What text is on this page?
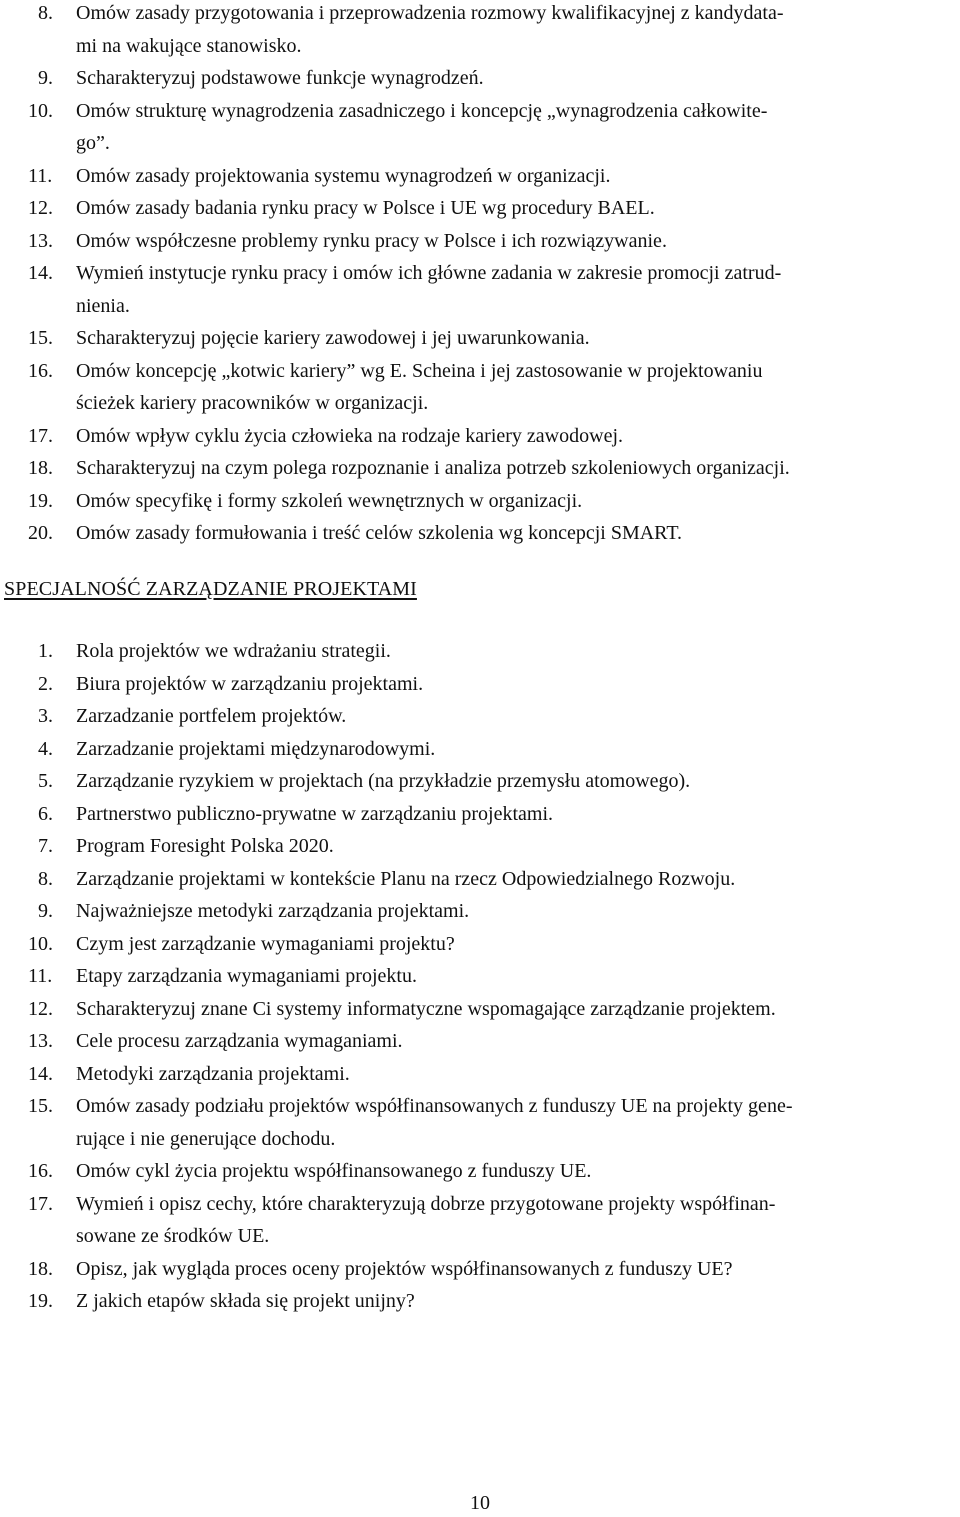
8. Omów zasady przygotowania i przeprowadzenia rozmowy kwalifikacyjnej z kandydata-
mi na wakujące stanowisko.
9. Scharakteryzuj podstawowe funkcje wynagrodzeń.
10. Omów strukturę wynagrodzenia zasadniczego i koncepcję „wynagrodzenia całkowite-
go”.
11. Omów zasady projektowania systemu wynagrodzeń w organizacji.
12. Omów zasady badania rynku pracy w Polsce i UE wg procedury BAEL.
13. Omów współczesne problemy rynku pracy w Polsce i ich rozwiązywanie.
14. Wymień instytucje rynku pracy i omów ich główne zadania w zakresie promocji zatrud-
nienia.
15. Scharakteryzuj pojęcie kariery zawodowej i jej uwarunkowania.
16. Omów koncepcję „kotwic kariery” wg E. Scheina i jej zastosowanie w projektowaniu
ścieżek kariery pracowników w organizacji.
17. Omów wpływ cyklu życia człowieka na rodzaje kariery zawodowej.
18. Scharakteryzuj na czym polega rozpoznanie i analiza potrzeb szkoleniowych organizacji.
19. Omów specyfikę i formy szkoleń wewnętrznych w organizacji.
20. Omów zasady formułowania i treść celów szkolenia wg koncepcji SMART.
SPECJALNOŚĆ ZARZĄDZANIE PROJEKTAMI
1. Rola projektów we wdrażaniu strategii.
2. Biura projektów w zarządzaniu projektami.
3. Zarzadzanie portfelem projektów.
4. Zarzadzanie projektami międzynarodowymi.
5. Zarządzanie ryzykiem w projektach (na przykładzie przemysłu atomowego).
6. Partnerstwo publiczno-prywatne w zarządzaniu projektami.
7. Program Foresight Polska 2020.
8. Zarządzanie projektami w kontekście Planu na rzecz Odpowiedzialnego Rozwoju.
9. Najważniejsze metodyki zarządzania projektami.
10. Czym jest zarządzanie wymaganiami projektu?
11. Etapy zarządzania wymaganiami projektu.
12. Scharakteryzuj znane Ci systemy informatyczne wspomagające zarządzanie projektem.
13. Cele procesu zarządzania wymaganiami.
14. Metodyki zarządzania projektami.
15. Omów zasady podziału projektów współfinansowanych z funduszy UE na projekty gene-
rujące i nie generujące dochodu.
16. Omów cykl życia projektu współfinansowanego z funduszy UE.
17. Wymień i opisz cechy, które charakteryzują dobrze przygotowane projekty współfinan-
sowane ze środków UE.
18. Opisz, jak wygląda proces oceny projektów współfinansowanych z funduszy UE?
19. Z jakich etapów składa się projekt unijny?
10
